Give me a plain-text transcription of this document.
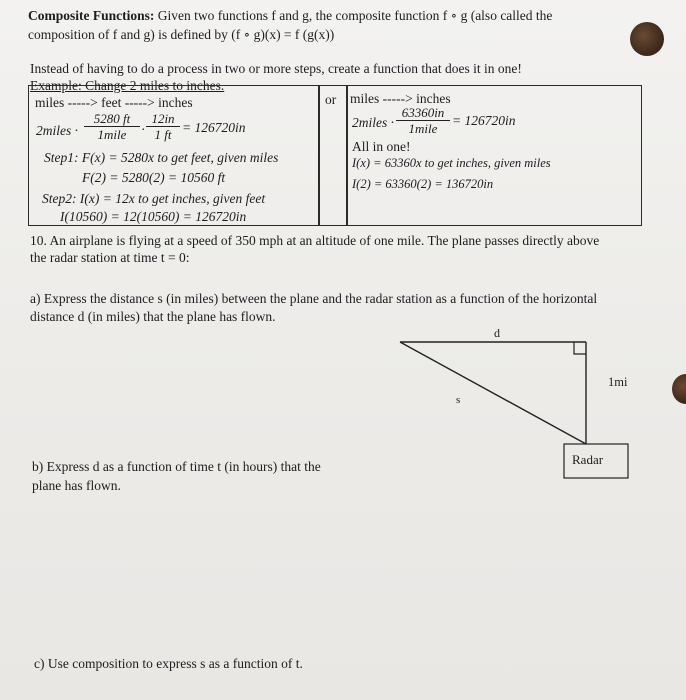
Composite Functions: Given two functions f and g, the composite function f ∘ g (also called the
composition of f and g) is defined by (f ∘ g)(x) = f (g(x))
Instead of having to do a process in two or more steps, create a function that does it in one!
Example: Change 2 miles to inches.
or
miles -----> feet -----> inches
2miles ·
5280 ft
1mile	· $\frac{12in}{1 ft} = 126720in$
Step1: F(x) = 5280x to get feet, given miles
F(2) = 5280(2) = 10560 ft
Step2: I(x) = 12x to get inches, given feet
I(10560) = 12(10560) = 126720in
miles -----> inches
2miles ·
63360in
1mile
= 126720in
All in one!
I(x) = 63360x to get inches, given miles
I(2) = 63360(2) = 136720in
10. An airplane is flying at a speed of 350 mph at an altitude of one mile. The plane passes directly above
the radar station at time t = 0:
a) Express the distance s (in miles) between the plane and the radar station as a function of the horizontal
distance d (in miles) that the plane has flown.
d
s
1mi
Radar
b) Express d as a function of time t (in hours) that the
plane has flown.
c) Use composition to express s as a function of t.
